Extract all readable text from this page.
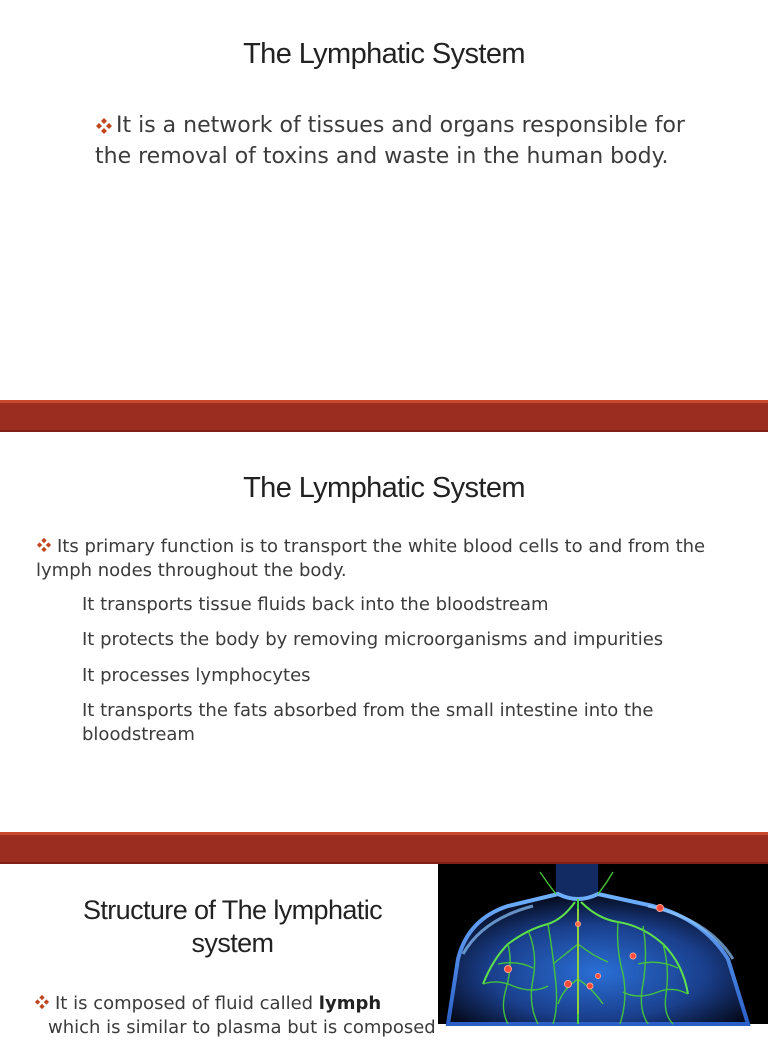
The Lymphatic System
It is a network of tissues and organs responsible for the removal of toxins and waste in the human body.
The Lymphatic System
Its primary function is to transport the white blood cells to and from the lymph nodes throughout the body.
It transports tissue fluids back into the bloodstream
It protects the body by removing microorganisms and impurities
It processes lymphocytes
It transports the fats absorbed from the small intestine into the bloodstream
Structure of The lymphatic system
It is composed of fluid called lymph
which is similar to plasma but is composed
